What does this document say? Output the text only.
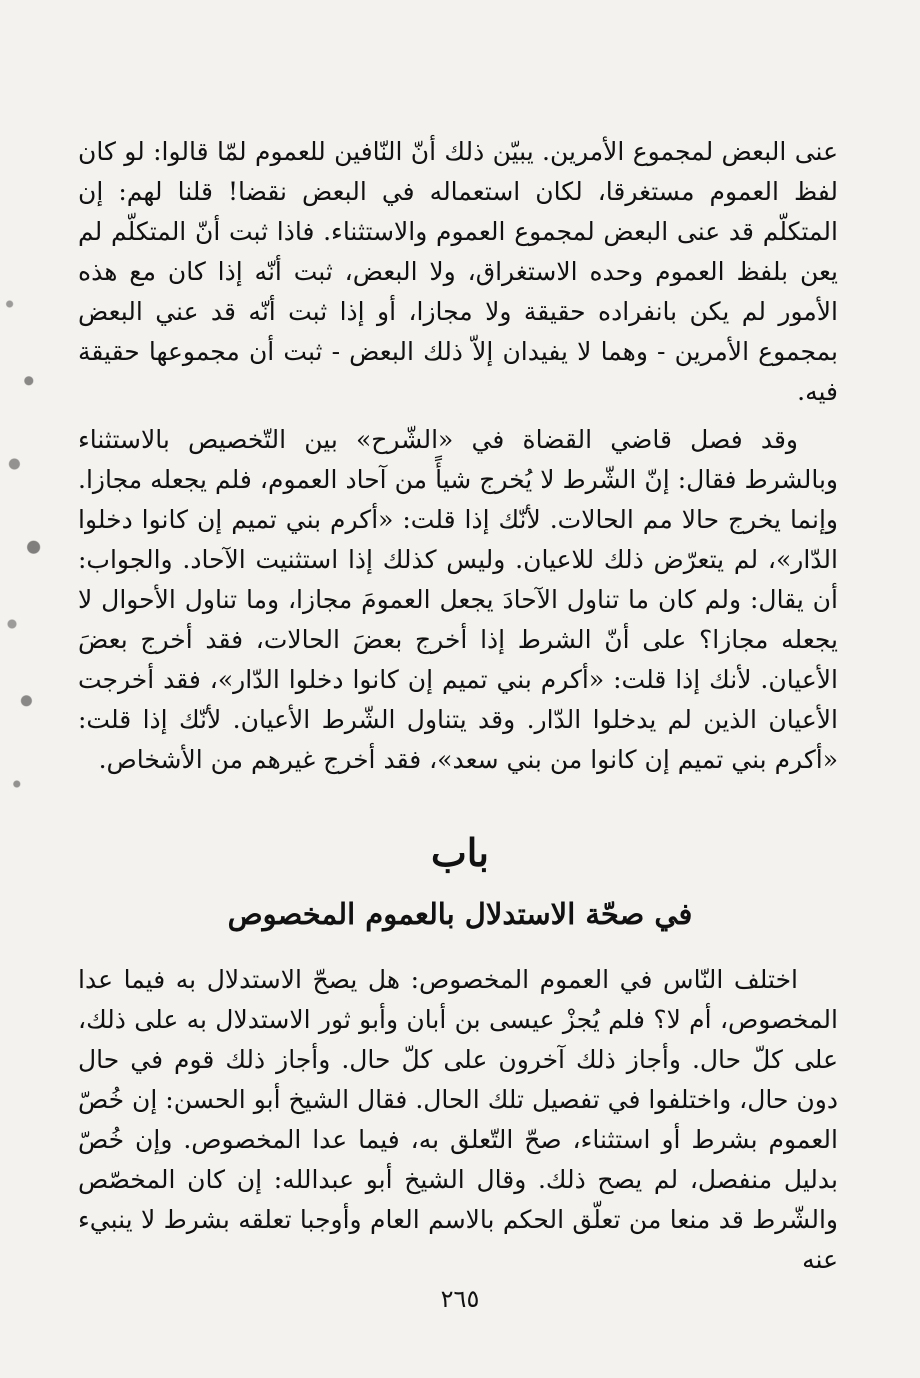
عنى البعض لمجموع الأمرين. يبيّن ذلك أنّ النّافين للعموم لمّا قالوا: لو كان لفظ العموم مستغرقا، لكان استعماله في البعض نقضا! قلنا لهم: إن المتكلّم قد عنى البعض لمجموع العموم والاستثناء. فاذا ثبت أنّ المتكلّم لم يعن بلفظ العموم وحده الاستغراق، ولا البعض، ثبت أنّه إذا كان مع هذه الأمور لم يكن بانفراده حقيقة ولا مجازا، أو إذا ثبت أنّه قد عني البعض بمجموع الأمرين - وهما لا يفيدان إلاّ ذلك البعض - ثبت أن مجموعها حقيقة فيه.

وقد فصل قاضي القضاة في «الشّرح» بين التّخصيص بالاستثناء وبالشرط فقال: إنّ الشّرط لا يُخرج شيأً من آحاد العموم، فلم يجعله مجازا. وإنما يخرج حالا مم الحالات. لأنّك إذا قلت: «أكرم بني تميم إن كانوا دخلوا الدّار»، لم يتعرّض ذلك للاعيان. وليس كذلك إذا استثنيت الآحاد. والجواب: أن يقال: ولم كان ما تناول الآحادَ يجعل العمومَ مجازا، وما تناول الأحوال لا يجعله مجازا؟ على أنّ الشرط إذا أخرج بعضَ الحالات، فقد أخرج بعضَ الأعيان. لأنك إذا قلت: «أكرم بني تميم إن كانوا دخلوا الدّار»، فقد أخرجت الأعيان الذين لم يدخلوا الدّار. وقد يتناول الشّرط الأعيان. لأنّك إذا قلت: «أكرم بني تميم إن كانوا من بني سعد»، فقد أخرج غيرهم من الأشخاص.

باب
في صحّة الاستدلال بالعموم المخصوص

اختلف النّاس في العموم المخصوص: هل يصحّ الاستدلال به فيما عدا المخصوص، أم لا؟ فلم يُجزْ عيسى بن أبان وأبو ثور الاستدلال به على ذلك، على كلّ حال. وأجاز ذلك آخرون على كلّ حال. وأجاز ذلك قوم في حال دون حال، واختلفوا في تفصيل تلك الحال. فقال الشيخ أبو الحسن: إن خُصّ العموم بشرط أو استثناء، صحّ التّعلق به، فيما عدا المخصوص. وإن خُصّ بدليل منفصل، لم يصح ذلك. وقال الشيخ أبو عبدالله: إن كان المخصّص والشّرط قد منعا من تعلّق الحكم بالاسم العام وأوجبا تعلقه بشرط لا ينبيء عنه

٢٦٥
